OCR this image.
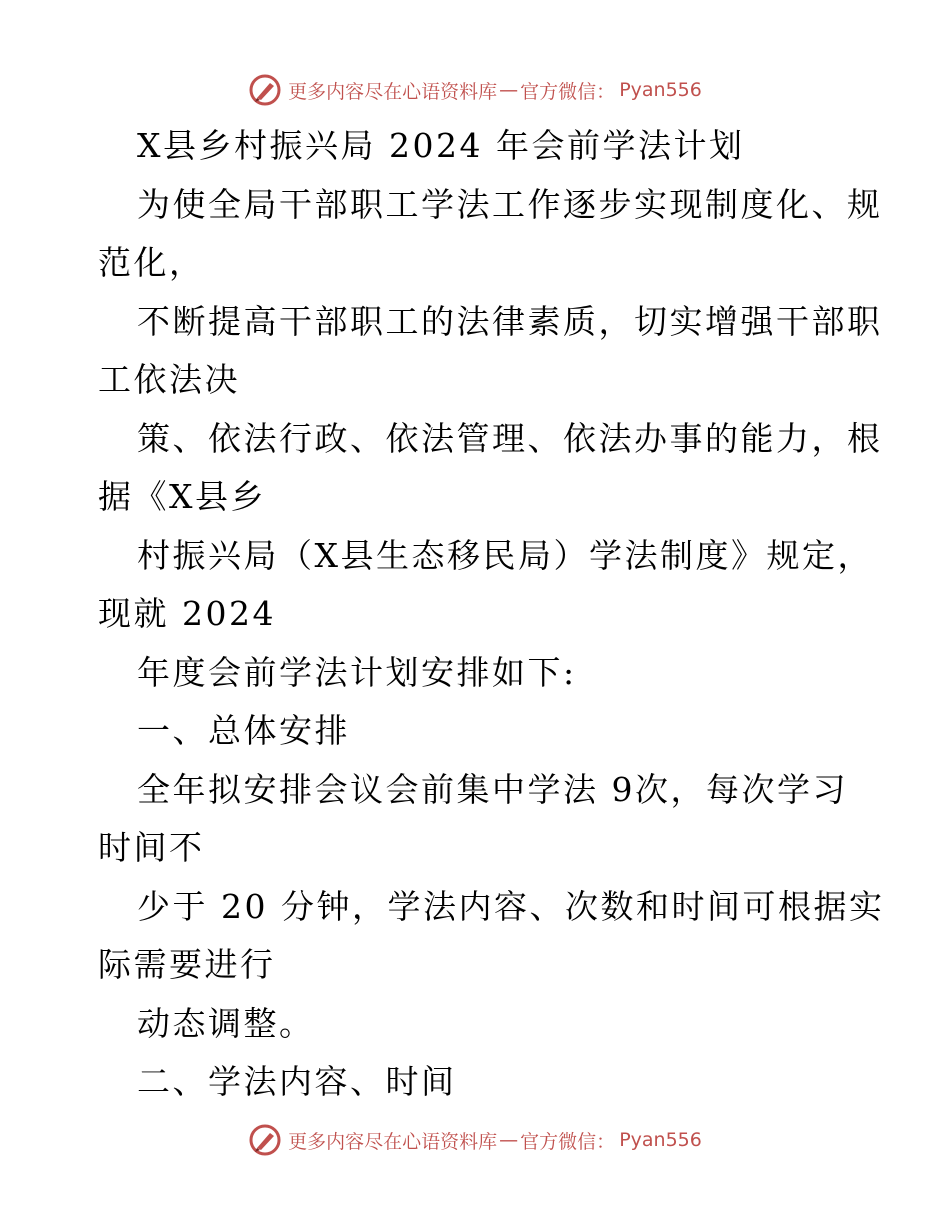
更多内容尽在心语资料库 — 官方微信： Pyan556
X县乡村振兴局 2024 年会前学法计划
为使全局干部职工学法工作逐步实现制度化、规
范化，
不断提高干部职工的法律素质，切实增强干部职
工依法决
策、依法行政、依法管理、依法办事的能力，根
据《X县乡
村振兴局（X县生态移民局）学法制度》规定，
现就 2024
年度会前学法计划安排如下:
一、总体安排
全年拟安排会议会前集中学法 9次，每次学习
时间不
少于 20 分钟，学法内容、次数和时间可根据实
际需要进行
动态调整。
二、学法内容、时间
更多内容尽在心语资料库 — 官方微信： Pyan556
